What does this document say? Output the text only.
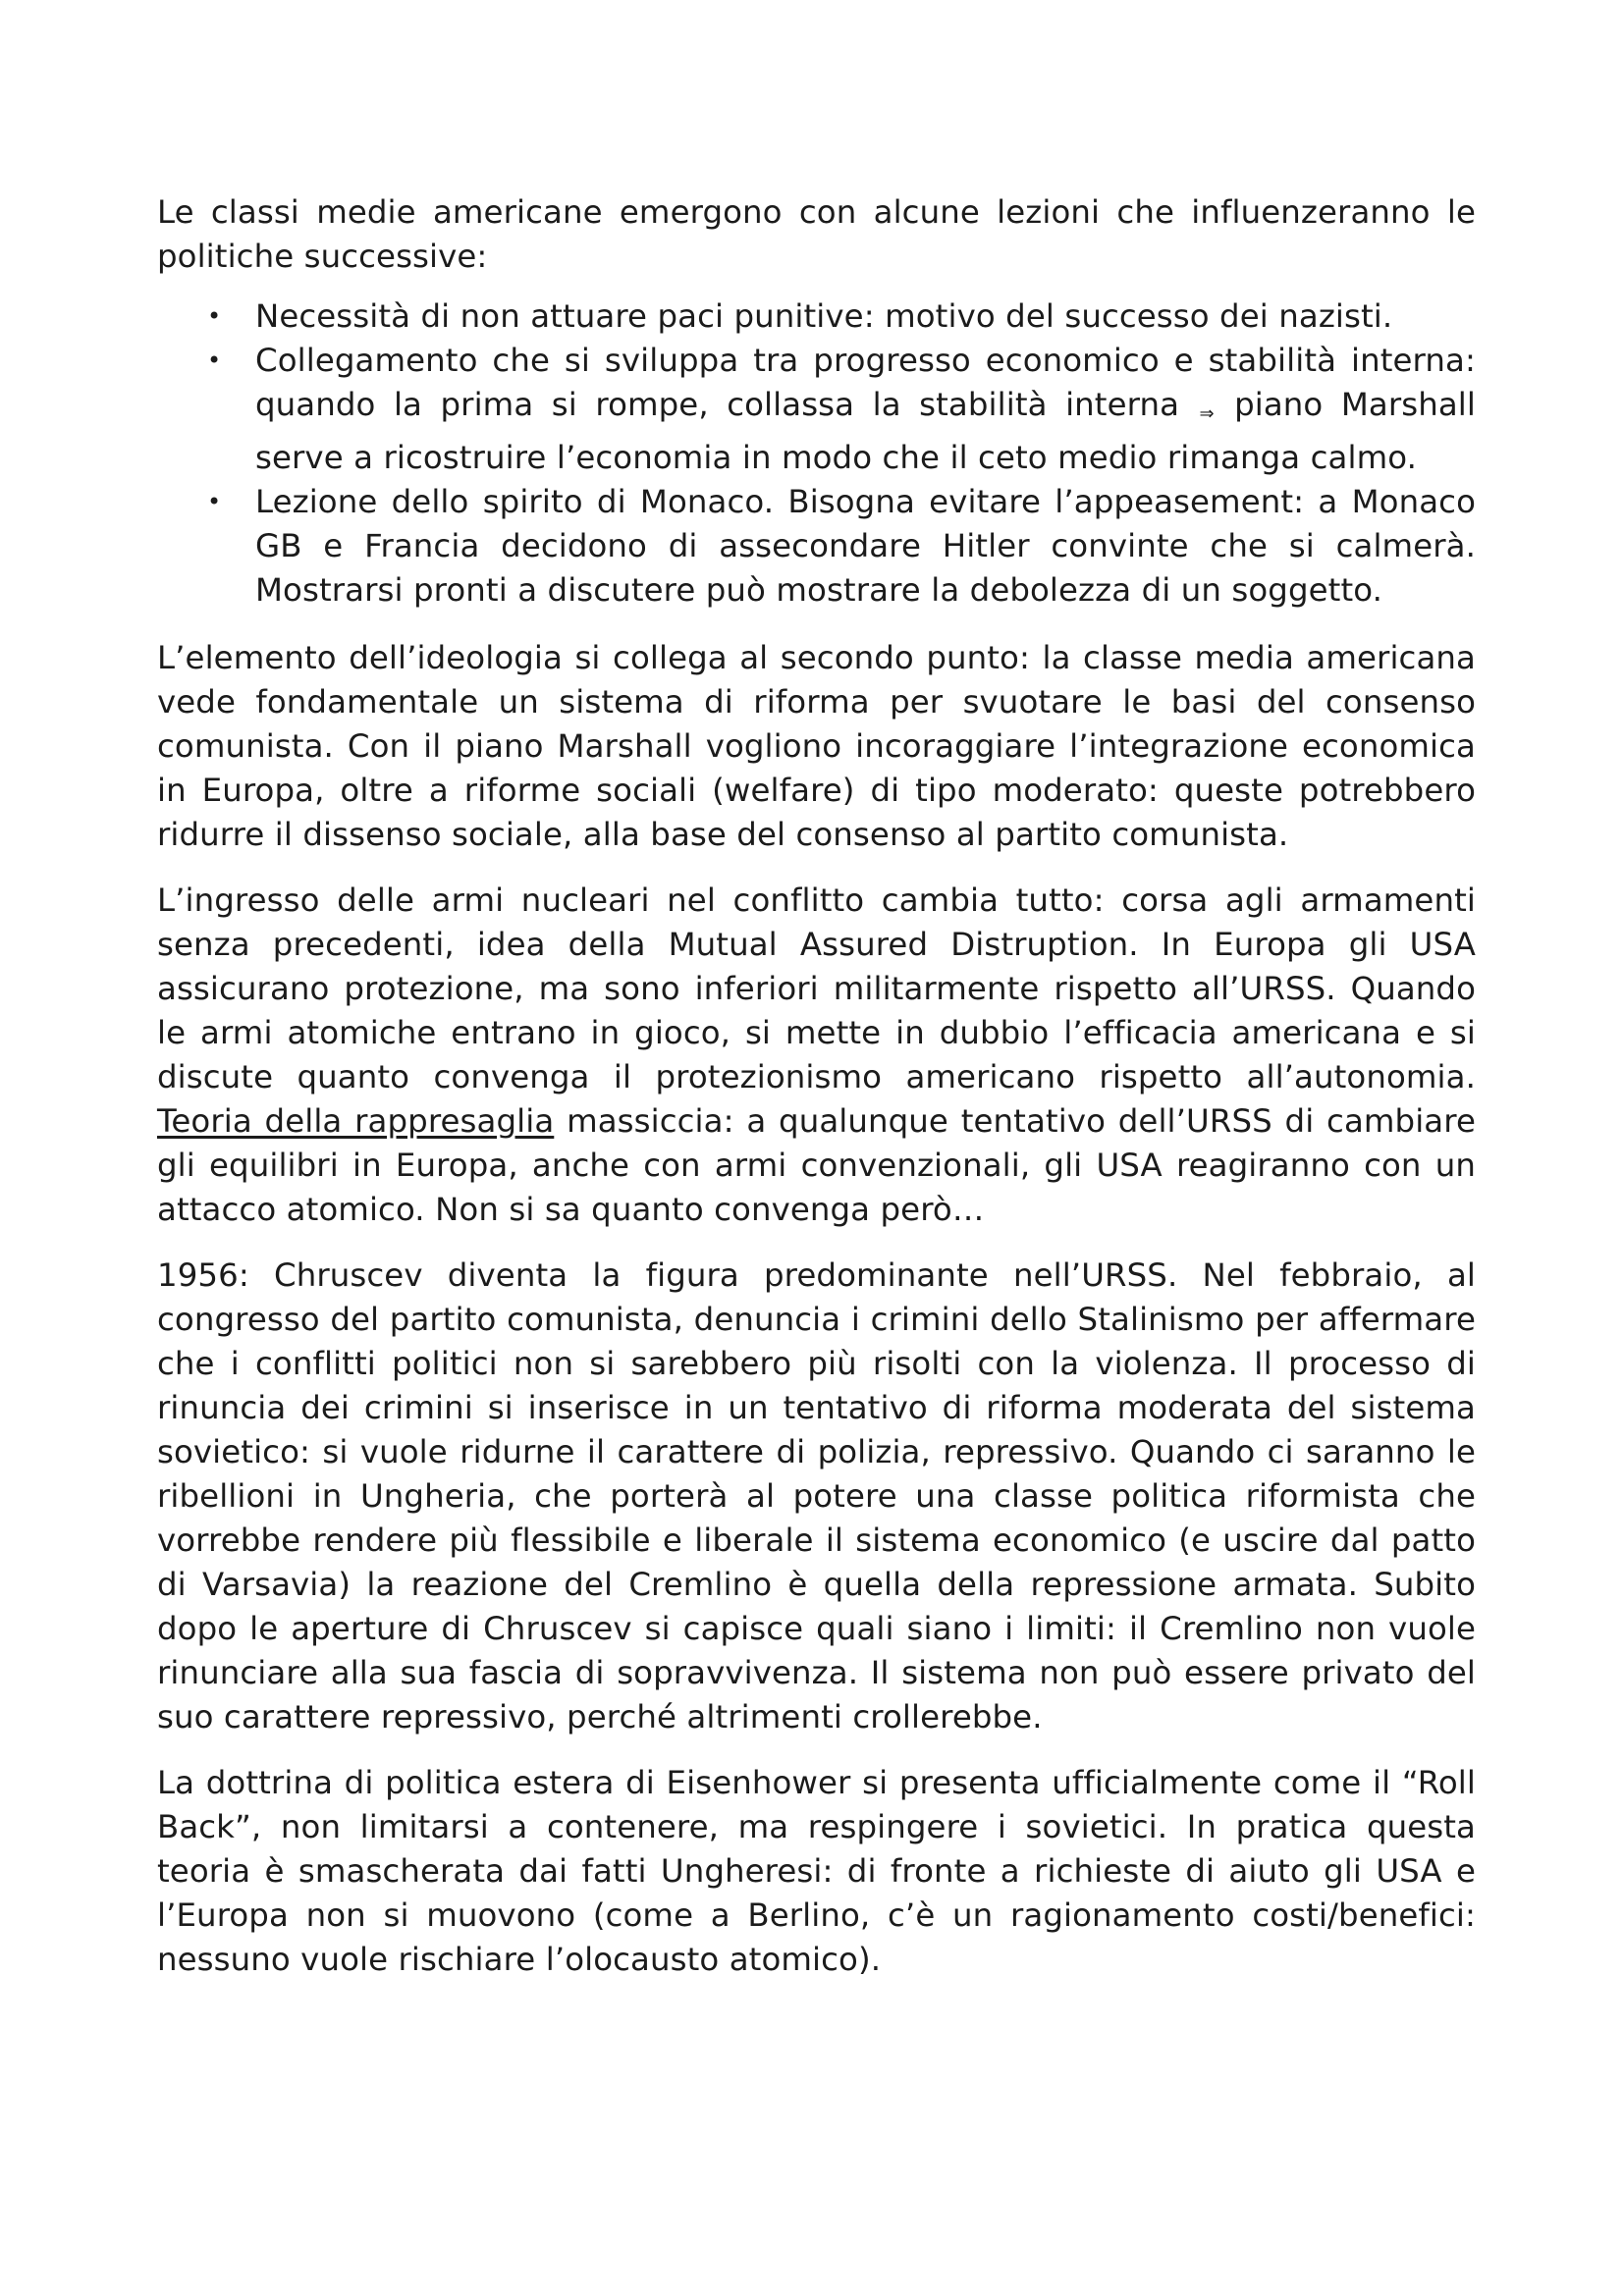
Le classi medie americane emergono con alcune lezioni che influenzeranno le politiche successive:

• Necessità di non attuare paci punitive: motivo del successo dei nazisti.
• Collegamento che si sviluppa tra progresso economico e stabilità interna: quando la prima si rompe, collassa la stabilità interna ⇒ piano Marshall serve a ricostruire l’economia in modo che il ceto medio rimanga calmo.
• Lezione dello spirito di Monaco. Bisogna evitare l’appeasement: a Monaco GB e Francia decidono di assecondare Hitler convinte che si calmerà. Mostrarsi pronti a discutere può mostrare la debolezza di un soggetto.

L’elemento dell’ideologia si collega al secondo punto: la classe media americana vede fondamentale un sistema di riforma per svuotare le basi del consenso comunista. Con il piano Marshall vogliono incoraggiare l’integrazione economica in Europa, oltre a riforme sociali (welfare) di tipo moderato: queste potrebbero ridurre il dissenso sociale, alla base del consenso al partito comunista.

L’ingresso delle armi nucleari nel conflitto cambia tutto: corsa agli armamenti senza precedenti, idea della Mutual Assured Distruption. In Europa gli USA assicurano protezione, ma sono inferiori militarmente rispetto all’URSS. Quando le armi atomiche entrano in gioco, si mette in dubbio l’efficacia americana e si discute quanto convenga il protezionismo americano rispetto all’autonomia. Teoria della rappresaglia massiccia: a qualunque tentativo dell’URSS di cambiare gli equilibri in Europa, anche con armi convenzionali, gli USA reagiranno con un attacco atomico. Non si sa quanto convenga però…

1956: Chruscev diventa la figura predominante nell’URSS. Nel febbraio, al congresso del partito comunista, denuncia i crimini dello Stalinismo per affermare che i conflitti politici non si sarebbero più risolti con la violenza. Il processo di rinuncia dei crimini si inserisce in un tentativo di riforma moderata del sistema sovietico: si vuole ridurne il carattere di polizia, repressivo. Quando ci saranno le ribellioni in Ungheria, che porterà al potere una classe politica riformista che vorrebbe rendere più flessibile e liberale il sistema economico (e uscire dal patto di Varsavia) la reazione del Cremlino è quella della repressione armata. Subito dopo le aperture di Chruscev si capisce quali siano i limiti: il Cremlino non vuole rinunciare alla sua fascia di sopravvivenza. Il sistema non può essere privato del suo carattere repressivo, perché altrimenti crollerebbe.

La dottrina di politica estera di Eisenhower si presenta ufficialmente come il “Roll Back”, non limitarsi a contenere, ma respingere i sovietici. In pratica questa teoria è smascherata dai fatti Ungheresi: di fronte a richieste di aiuto gli USA e l’Europa non si muovono (come a Berlino, c’è un ragionamento costi/benefici: nessuno vuole rischiare l’olocausto atomico).
